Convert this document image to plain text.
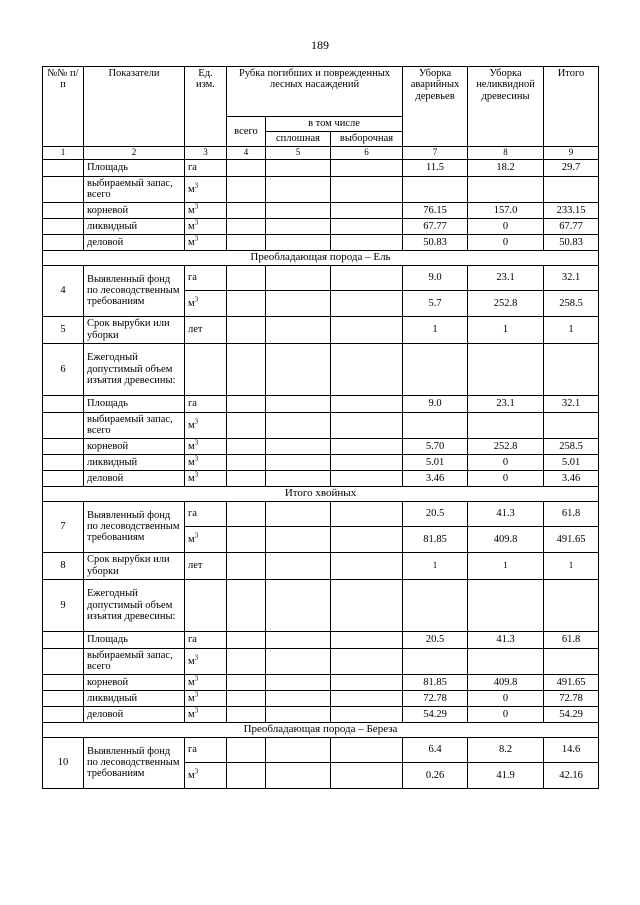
189
№№ п/п	Показатели	Ед. изм.	Рубка погибших и поврежденных лесных насаждений			Уборка аварийных деревьев	Уборка неликвидной древесины	Итого
			всего	в том числе				
				сплошная	выборочная			
1	2	3	4	5	6	7	8	9
	Площадь	га				11.5	18.2	29.7
	выбираемый запас, всего	$м^3$						
	корневой	$м^3$				76.15	157.0	233.15
	ликвидный	$м^3$				67.77	0	67.77
	деловой	$м^3$				50.83	0	50.83
Преобладающая порода – Ель								
4	Выявленный фонд по лесоводственным требованиям	га				9.0	23.1	32.1
		$м^3$				5.7	252.8	258.5
5	Срок вырубки или уборки	лет				1	1	1
6	Ежегодный допустимый объем изъятия древесины:							
	Площадь	га				9.0	23.1	32.1
	выбираемый запас, всего	$м^3$						
	корневой	$м^3$				5.70	252.8	258.5
	ликвидный	$м^3$				5.01	0	5.01
	деловой	$м^3$				3.46	0	3.46
Итого хвойных								
7	Выявленный фонд по лесоводственным требованиям	га				20.5	41.3	61.8
		$м^3$				81.85	409.8	491.65
8	Срок вырубки или уборки	лет				1	1	1
9	Ежегодный допустимый объем изъятия древесины:							
	Площадь	га				20.5	41.3	61.8
	выбираемый запас, всего	$м^3$						
	корневой	$м^3$				81.85	409.8	491.65
	ликвидный	$м^3$				72.78	0	72.78
	деловой	$м^3$				54.29	0	54.29
Преобладающая порода – Береза								
10	Выявленный фонд по лесоводственным требованиям	га				6.4	8.2	14.6
		$м^3$				0.26	41.9	42.16
